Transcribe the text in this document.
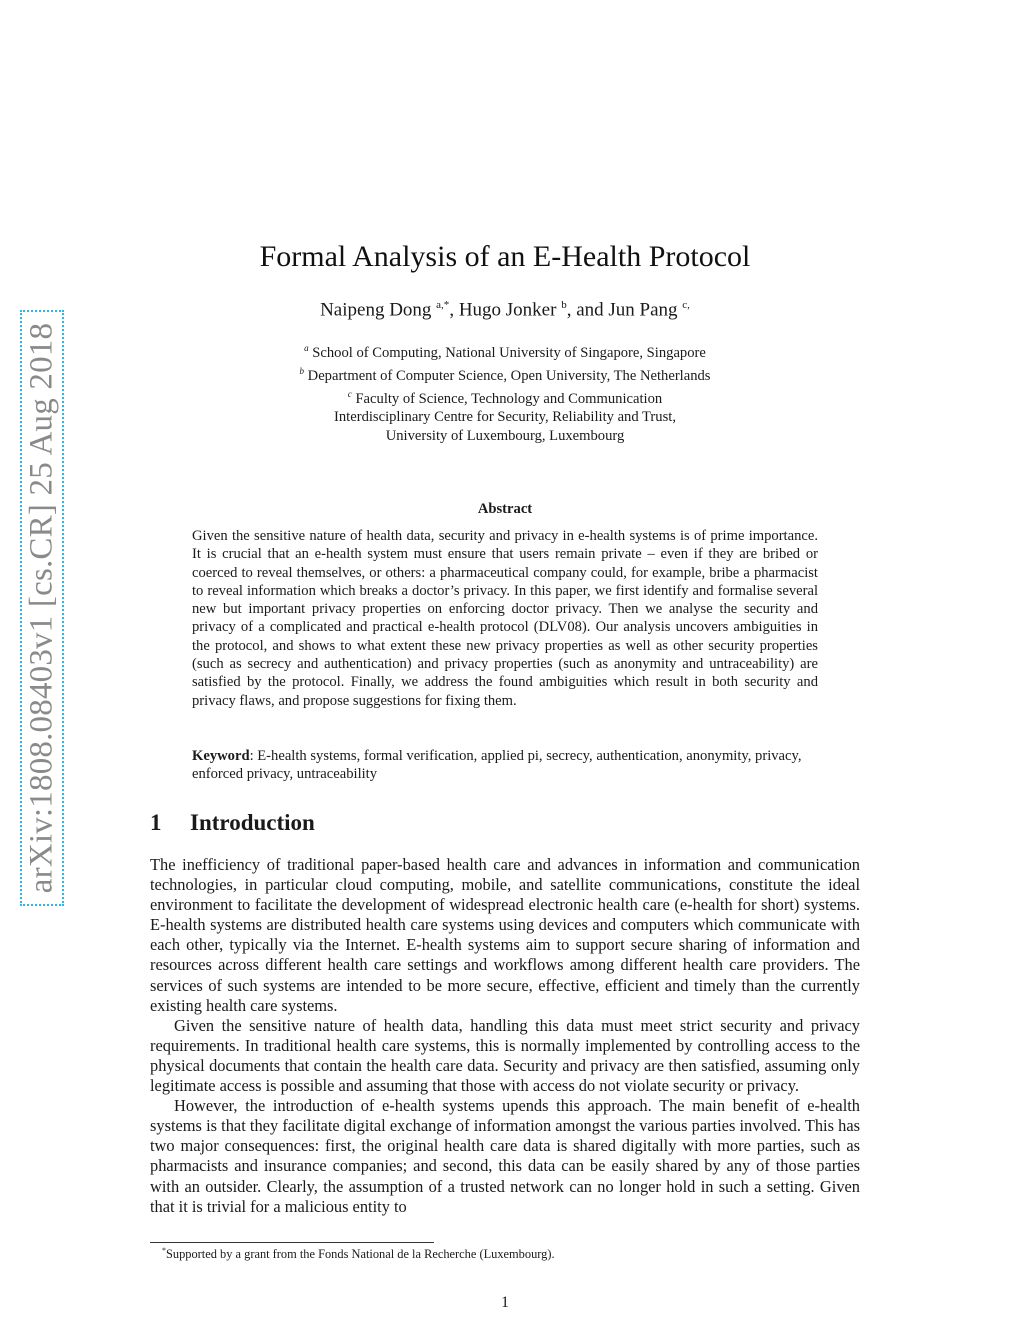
arXiv:1808.08403v1 [cs.CR] 25 Aug 2018
Formal Analysis of an E-Health Protocol
Naipeng Dong $^{a,*}$, Hugo Jonker $^b$, and Jun Pang $^{c,}$
$^a$ School of Computing, National University of Singapore, Singapore
$^b$ Department of Computer Science, Open University, The Netherlands
$^c$ Faculty of Science, Technology and Communication
Interdisciplinary Centre for Security, Reliability and Trust,
University of Luxembourg, Luxembourg
Abstract
Given the sensitive nature of health data, security and privacy in e-health systems is of prime importance. It is crucial that an e-health system must ensure that users remain private – even if they are bribed or coerced to reveal themselves, or others: a pharmaceutical company could, for example, bribe a pharmacist to reveal information which breaks a doctor’s privacy. In this paper, we first identify and formalise several new but important privacy properties on enforcing doctor privacy. Then we analyse the security and privacy of a complicated and practical e-health protocol (DLV08). Our analysis uncovers ambiguities in the protocol, and shows to what extent these new privacy properties as well as other security properties (such as secrecy and authentication) and privacy properties (such as anonymity and untraceability) are satisfied by the protocol. Finally, we address the found ambiguities which result in both security and privacy flaws, and propose suggestions for fixing them.
Keyword: E-health systems, formal verification, applied pi, secrecy, authentication, anonymity, privacy, enforced privacy, untraceability
1 Introduction

The inefficiency of traditional paper-based health care and advances in information and communication technologies, in particular cloud computing, mobile, and satellite communications, constitute the ideal environment to facilitate the development of widespread electronic health care (e-health for short) systems. E-health systems are distributed health care systems using devices and computers which communicate with each other, typically via the Internet. E-health systems aim to support secure sharing of information and resources across different health care settings and workflows among different health care providers. The services of such systems are intended to be more secure, effective, efficient and timely than the currently existing health care systems.

Given the sensitive nature of health data, handling this data must meet strict security and privacy requirements. In traditional health care systems, this is normally implemented by controlling access to the physical documents that contain the health care data. Security and privacy are then satisfied, assuming only legitimate access is possible and assuming that those with access do not violate security or privacy.

However, the introduction of e-health systems upends this approach. The main benefit of e-health systems is that they facilitate digital exchange of information amongst the various parties involved. This has two major consequences: first, the original health care data is shared digitally with more parties, such as pharmacists and insurance companies; and second, this data can be easily shared by any of those parties with an outsider. Clearly, the assumption of a trusted network can no longer hold in such a setting. Given that it is trivial for a malicious entity to

*Supported by a grant from the Fonds National de la Recherche (Luxembourg).
1
